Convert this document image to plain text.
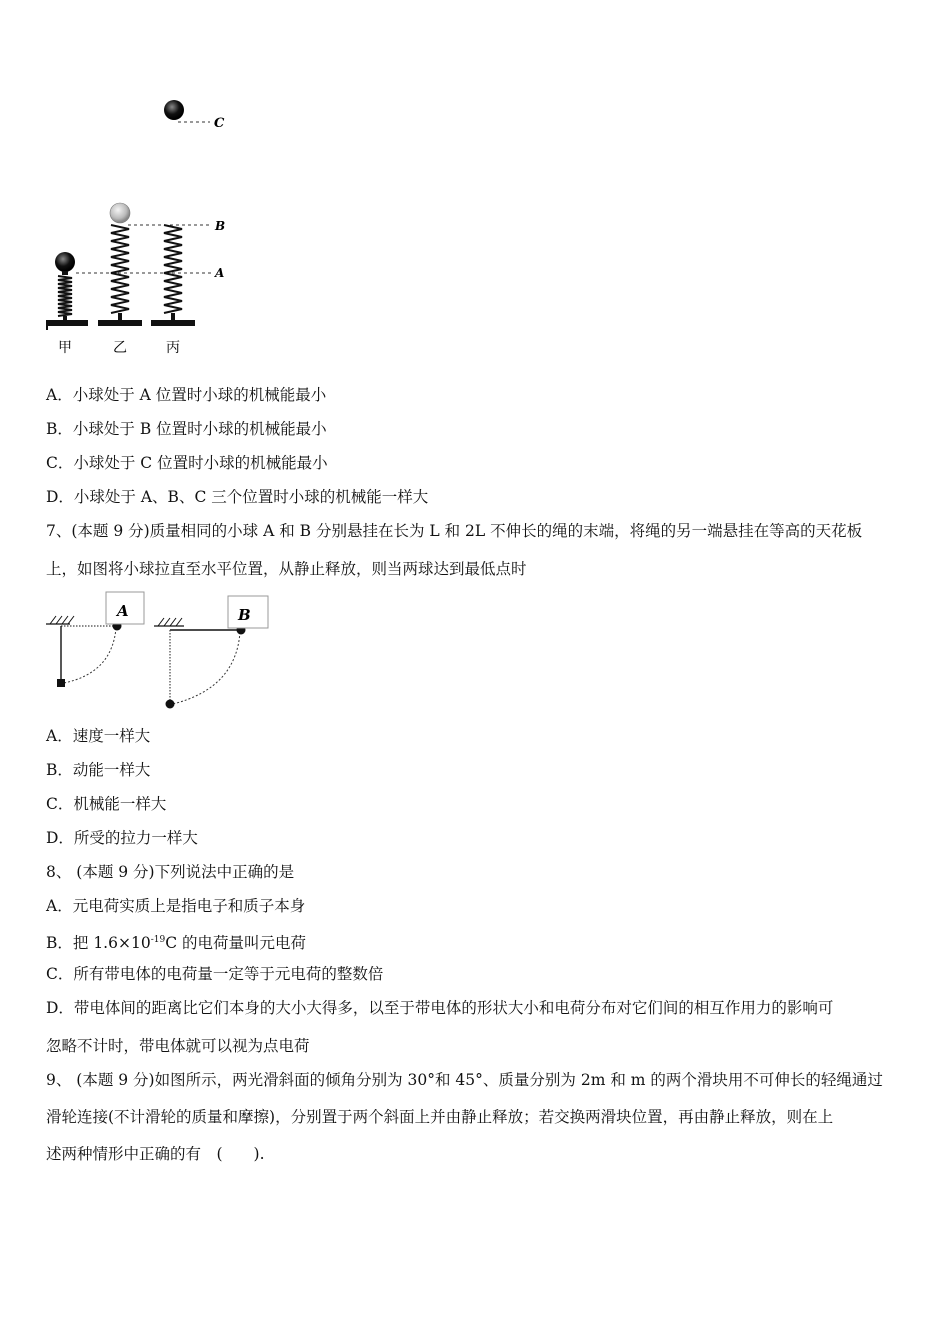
C
B
A
甲	乙	丙
A．小球处于 A 位置时小球的机械能最小
B．小球处于 B 位置时小球的机械能最小
C．小球处于 C 位置时小球的机械能最小
D．小球处于 A、B、C 三个位置时小球的机械能一样大
7、(本题 9 分)质量相同的小球 A 和 B 分别悬挂在长为 L 和 2L 不伸长的绳的末端，将绳的另一端悬挂在等高的天花板
上，如图将小球拉直至水平位置，从静止释放，则当两球达到最低点时
A	B
A．速度一样大
B．动能一样大
C．机械能一样大
D．所受的拉力一样大
8、 (本题 9 分)下列说法中正确的是
A．元电荷实质上是指电子和质子本身
B．把 $1.6\times 10^{-19}C$ 的电荷量叫元电荷
C．所有带电体的电荷量一定等于元电荷的整数倍
D．带电体间的距离比它们本身的大小大得多，以至于带电体的形状大小和电荷分布对它们间的相互作用力的影响可
忽略不计时，带电体就可以视为点电荷
9、 (本题 9 分)如图所示，两光滑斜面的倾角分别为 30°和 45°、质量分别为 2m 和 m 的两个滑块用不可伸长的轻绳通过
滑轮连接(不计滑轮的质量和摩擦)，分别置于两个斜面上并由静止释放；若交换两滑块位置，再由静止释放，则在上
述两种情形中正确的有　(　　).
